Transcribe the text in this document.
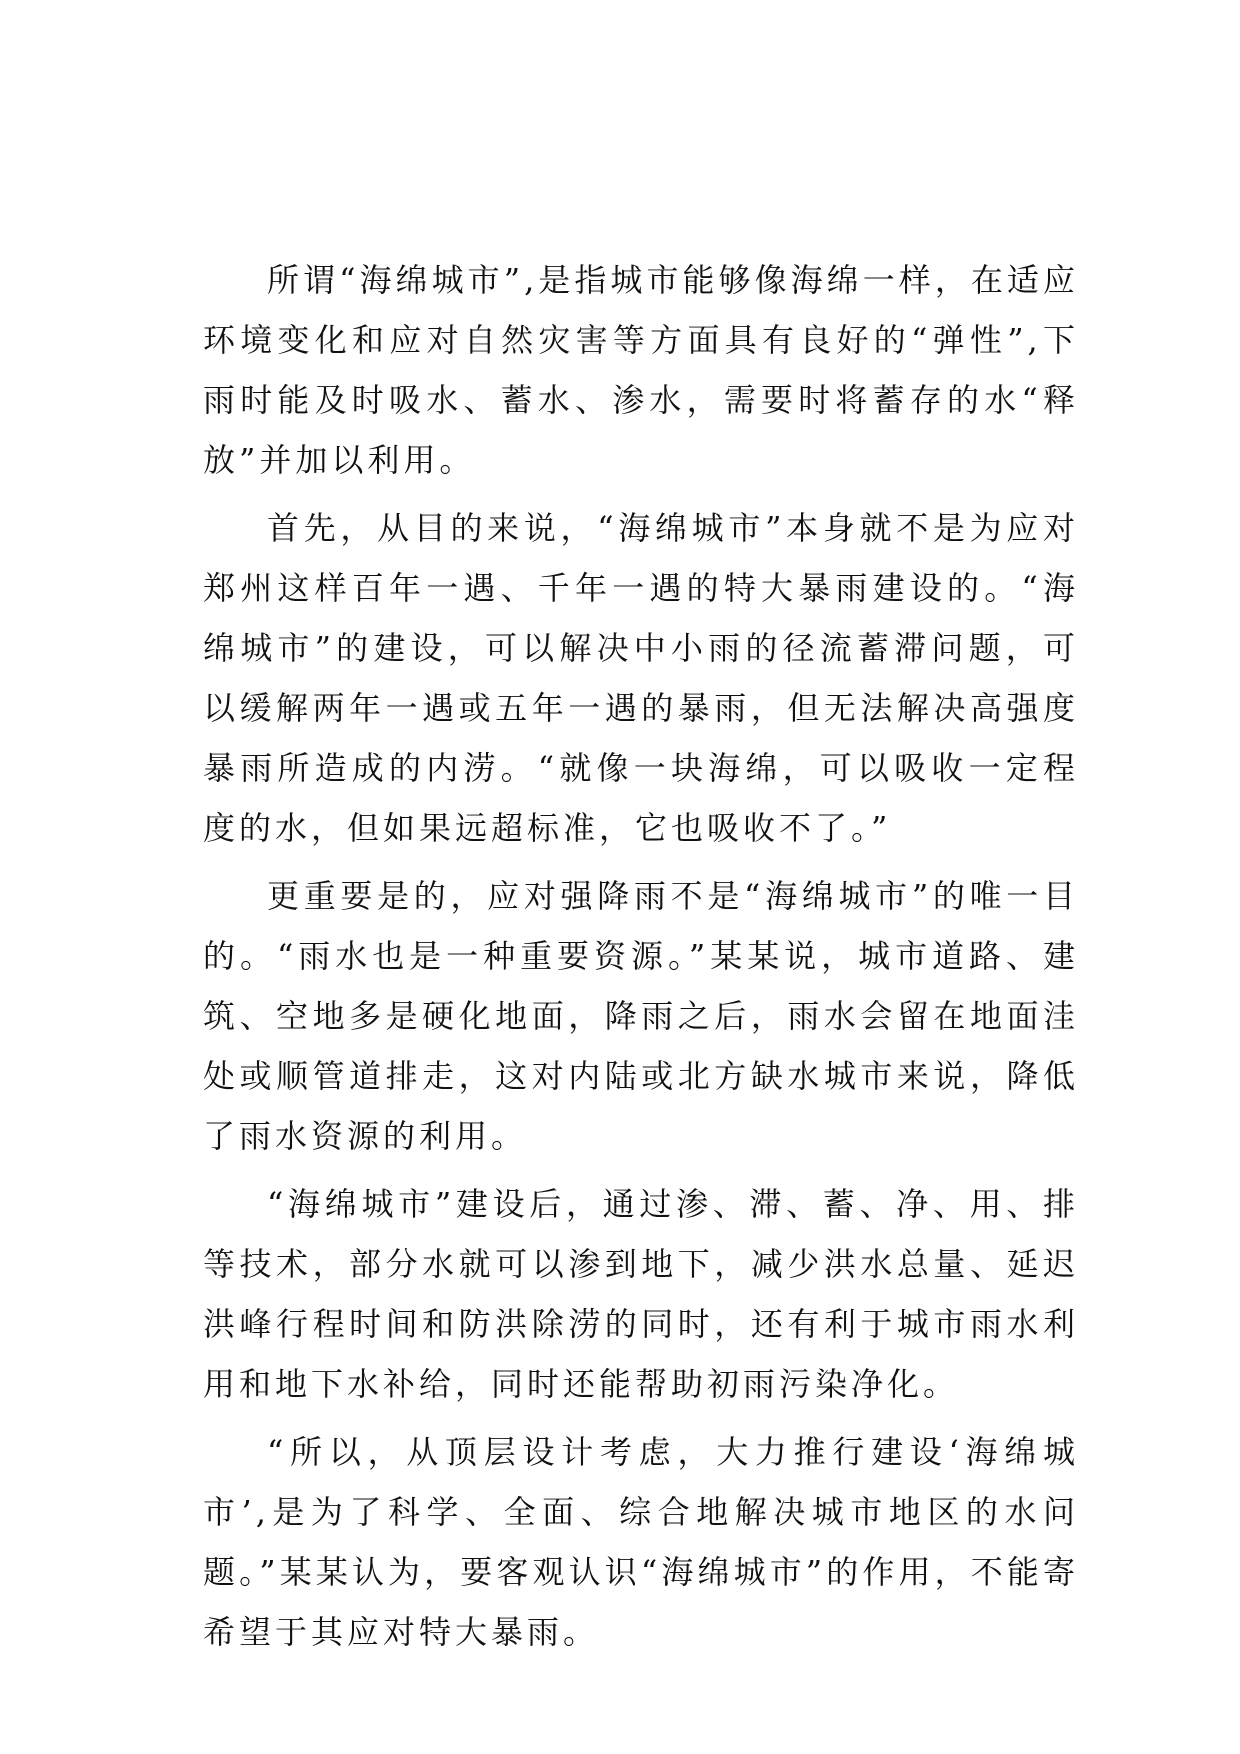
所谓“海绵城市”,是指城市能够像海绵一样，在适应环境变化和应对自然灾害等方面具有良好的“弹性”,下雨时能及时吸水、蓄水、渗水，需要时将蓄存的水“释放”并加以利用。

首先，从目的来说，“海绵城市”本身就不是为应对郑州这样百年一遇、千年一遇的特大暴雨建设的。“海绵城市”的建设，可以解决中小雨的径流蓄滞问题，可以缓解两年一遇或五年一遇的暴雨，但无法解决高强度暴雨所造成的内涝。“就像一块海绵，可以吸收一定程度的水，但如果远超标准，它也吸收不了。”

更重要是的，应对强降雨不是“海绵城市”的唯一目的。“雨水也是一种重要资源。”某某说，城市道路、建筑、空地多是硬化地面，降雨之后，雨水会留在地面洼处或顺管道排走，这对内陆或北方缺水城市来说，降低了雨水资源的利用。

“海绵城市”建设后，通过渗、滞、蓄、净、用、排等技术，部分水就可以渗到地下，减少洪水总量、延迟洪峰行程时间和防洪除涝的同时，还有利于城市雨水利用和地下水补给，同时还能帮助初雨污染净化。

“所以，从顶层设计考虑，大力推行建设‘海绵城市’,是为了科学、全面、综合地解决城市地区的水问题。”某某认为，要客观认识“海绵城市”的作用，不能寄希望于其应对特大暴雨。
